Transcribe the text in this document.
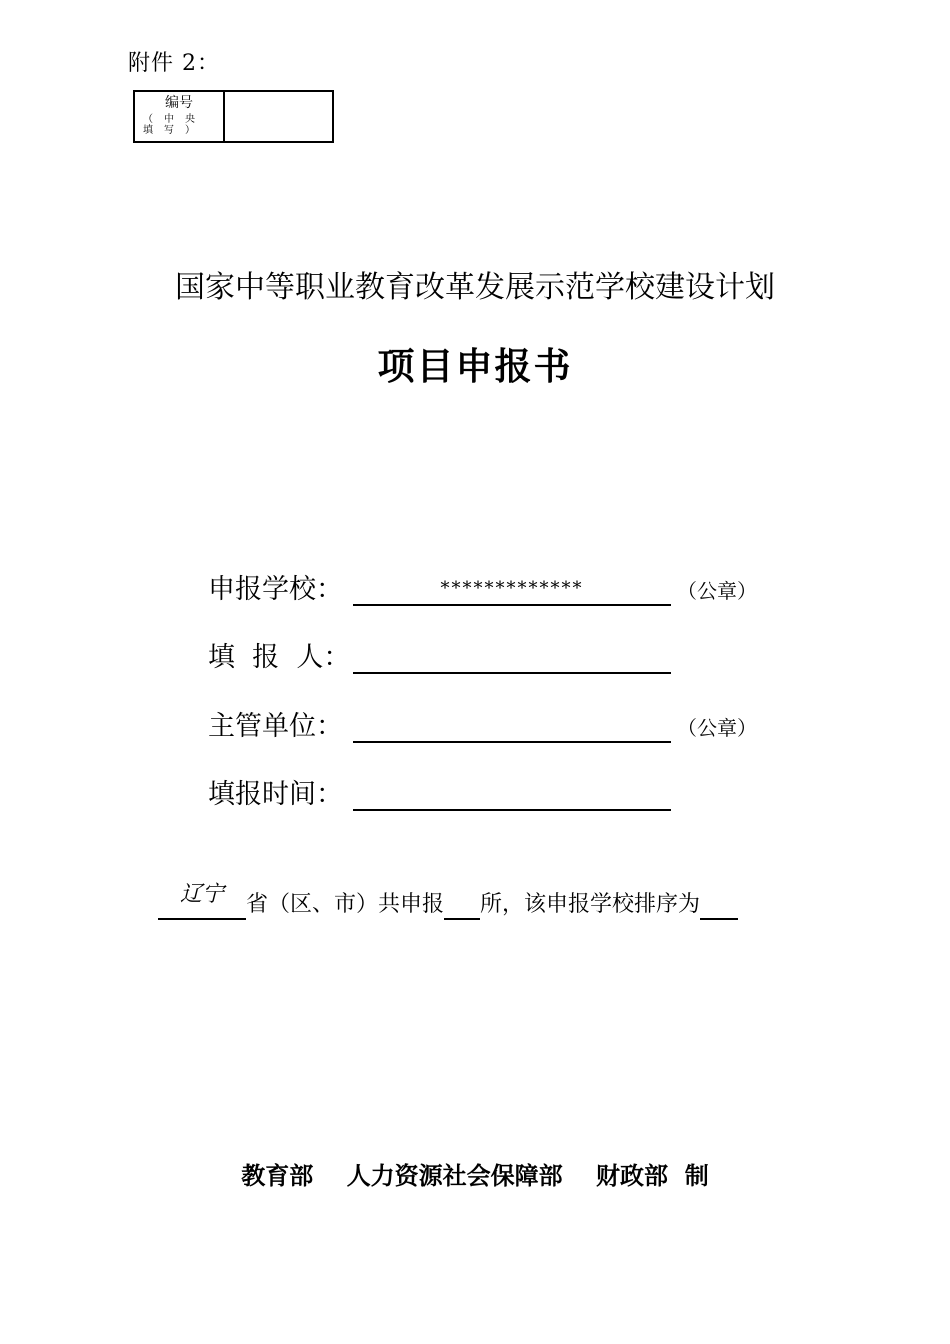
附件 2：
编号
（中央填写）
国家中等职业教育改革发展示范学校建设计划
项目申报书
申报学校：	*************	（公章）
填  报  人：
主管单位：	（公章）
填报时间：
辽宁	省（区、市）共申报 所，该申报学校排序为
教育部    人力资源社会保障部    财政部  制
